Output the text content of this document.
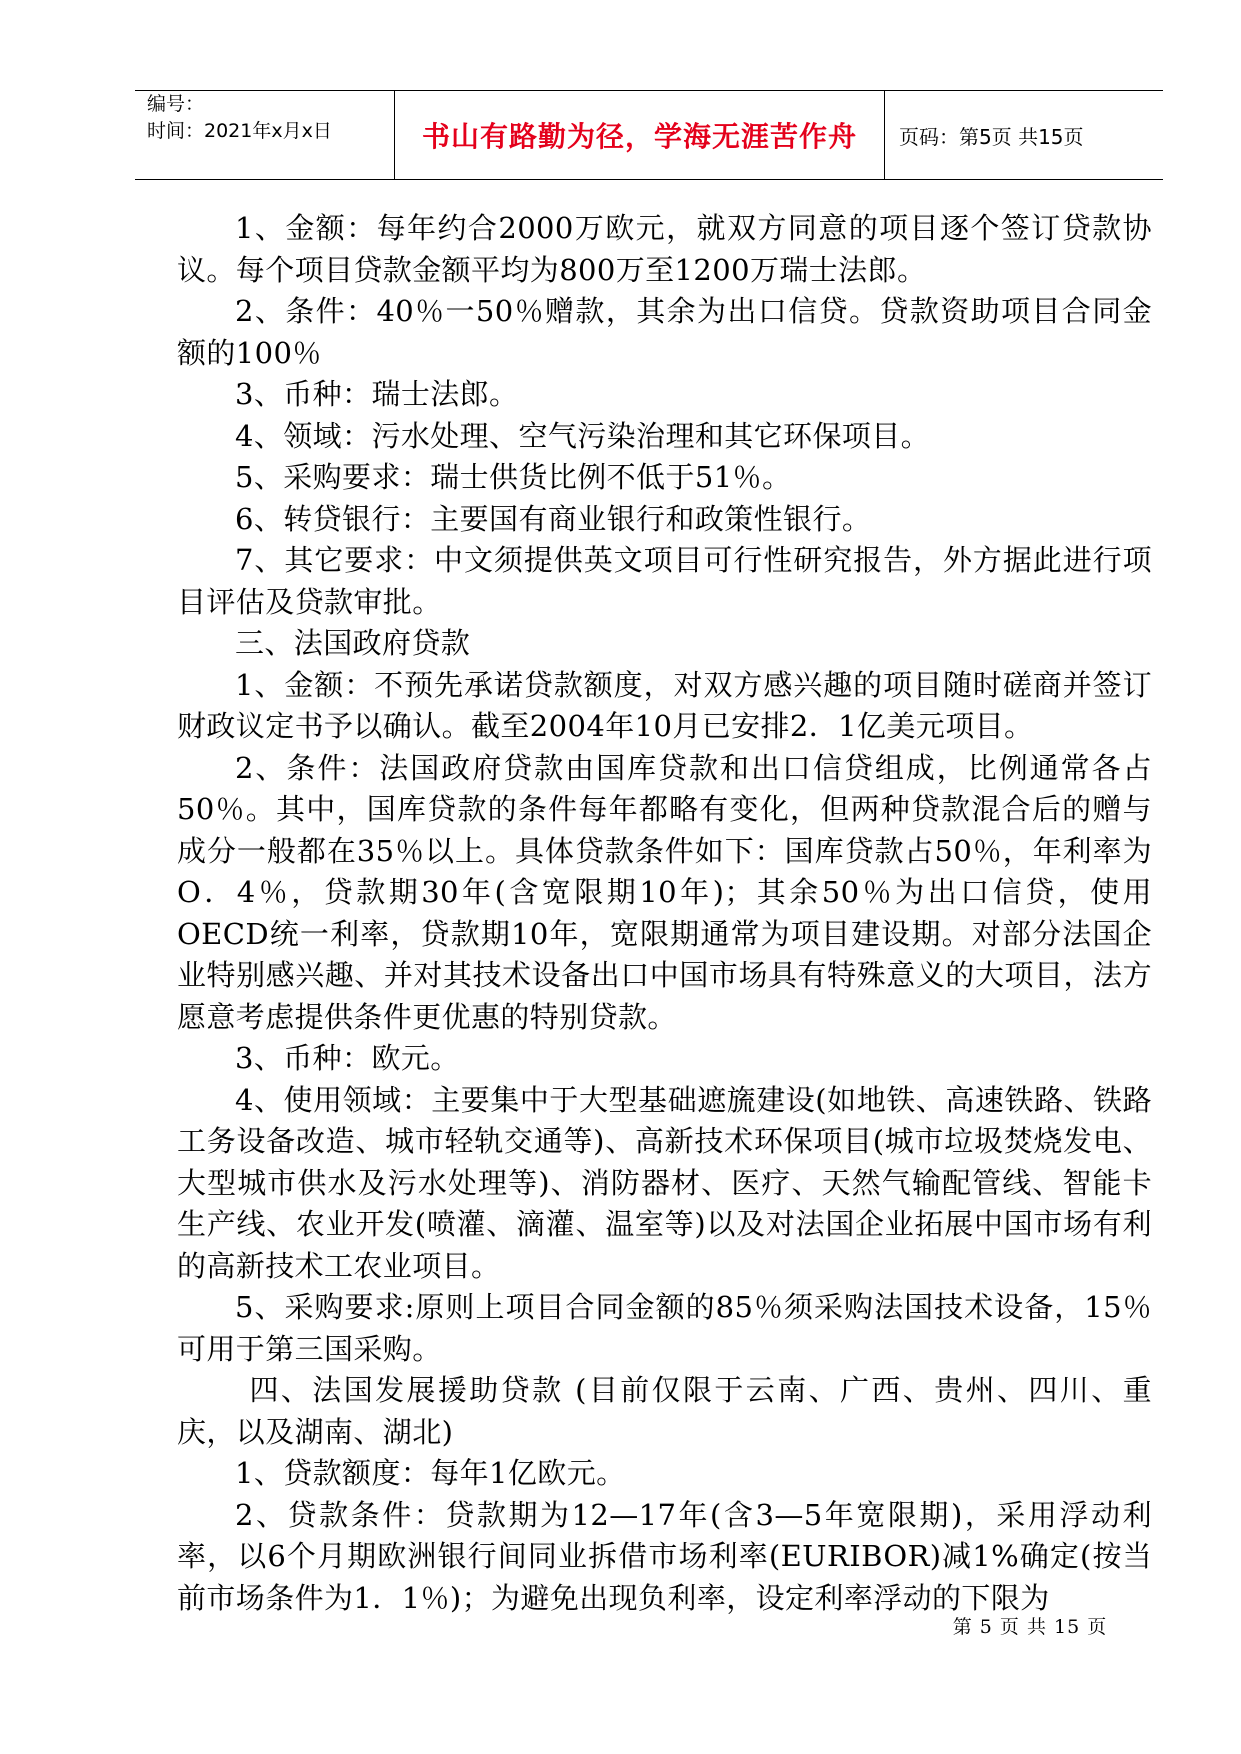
编号：
时间：2021年x月x日	书山有路勤为径，学海无涯苦作舟 页码：第5页 共15页

1、金额：每年约合2000万欧元，就双方同意的项目逐个签订贷款协议。每个项目贷款金额平均为800万至1200万瑞士法郎。

2、条件：40％一50％赠款，其余为出口信贷。贷款资助项目合同金额的100％

3、币种：瑞士法郎。

4、领域：污水处理、空气污染治理和其它环保项目。

5、采购要求：瑞士供货比例不低于51％。

6、转贷银行：主要国有商业银行和政策性银行。

7、其它要求：中文须提供英文项目可行性研究报告，外方据此进行项目评估及贷款审批。

三、法国政府贷款

1、金额：不预先承诺贷款额度，对双方感兴趣的项目随时磋商并签订财政议定书予以确认。截至2004年10月已安排2．1亿美元项目。

2、条件：法国政府贷款由国库贷款和出口信贷组成，比例通常各占50％。其中，国库贷款的条件每年都略有变化，但两种贷款混合后的赠与成分一般都在35％以上。具体贷款条件如下：国库贷款占50％，年利率为O．4％，贷款期30年(含宽限期10年)；其余50％为出口信贷，使用OECD统一利率，贷款期10年，宽限期通常为项目建设期。对部分法国企业特别感兴趣、并对其技术设备出口中国市场具有特殊意义的大项目，法方愿意考虑提供条件更优惠的特别贷款。

3、币种：欧元。

4、使用领域：主要集中于大型基础遮旒建设(如地铁、高速铁路、铁路工务设备改造、城市轻轨交通等)、高新技术环保项目(城市垃圾焚烧发电、大型城市供水及污水处理等)、消防器材、医疗、天然气输配管线、智能卡生产线、农业开发(喷灌、滴灌、温室等)以及对法国企业拓展中国市场有利的高新技术工农业项目。

5、采购要求:原则上项目合同金额的85％须采购法国技术设备，15％可用于第三国采购。

四、法国发展援助贷款 (目前仅限于云南、广西、贵州、四川、重庆，以及湖南、湖北)

1、贷款额度：每年1亿欧元。

2、贷款条件：贷款期为12—17年(含3—5年宽限期)，采用浮动利率，以6个月期欧洲银行间同业拆借市场利率(EURIBOR)减1%确定(按当前市场条件为1．1％)；为避免出现负利率，设定利率浮动的下限为

第 5 页 共 15 页
